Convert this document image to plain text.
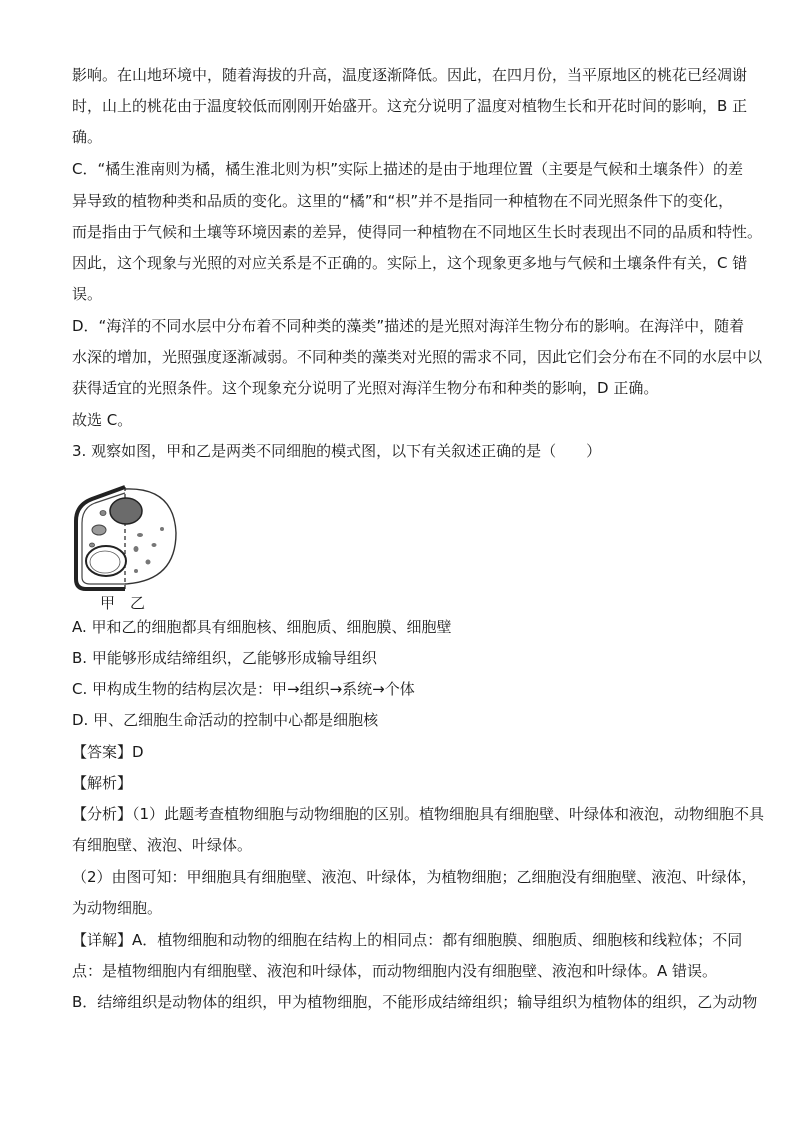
影响。在山地环境中，随着海拔的升高，温度逐渐降低。因此，在四月份，当平原地区的桃花已经凋谢
时，山上的桃花由于温度较低而刚刚开始盛开。这充分说明了温度对植物生长和开花时间的影响，B 正
确。
C．“橘生淮南则为橘，橘生淮北则为枳”实际上描述的是由于地理位置（主要是气候和土壤条件）的差
异导致的植物种类和品质的变化。这里的“橘”和“枳”并不是指同一种植物在不同光照条件下的变化，
而是指由于气候和土壤等环境因素的差异，使得同一种植物在不同地区生长时表现出不同的品质和特性。
因此，这个现象与光照的对应关系是不正确的。实际上，这个现象更多地与气候和土壤条件有关，C 错
误。
D．“海洋的不同水层中分布着不同种类的藻类”描述的是光照对海洋生物分布的影响。在海洋中，随着
水深的增加，光照强度逐渐减弱。不同种类的藻类对光照的需求不同，因此它们会分布在不同的水层中以
获得适宜的光照条件。这个现象充分说明了光照对海洋生物分布和种类的影响，D 正确。
故选 C。
3. 观察如图，甲和乙是两类不同细胞的模式图，以下有关叙述正确的是（　　）
甲 乙
A. 甲和乙的细胞都具有细胞核、细胞质、细胞膜、细胞壁
B. 甲能够形成结缔组织，乙能够形成输导组织
C. 甲构成生物的结构层次是：甲→组织→系统→个体
D. 甲、乙细胞生命活动的控制中心都是细胞核
【答案】D
【解析】
【分析】（1）此题考查植物细胞与动物细胞的区别。植物细胞具有细胞壁、叶绿体和液泡，动物细胞不具
有细胞壁、液泡、叶绿体。
（2）由图可知：甲细胞具有细胞壁、液泡、叶绿体，为植物细胞；乙细胞没有细胞壁、液泡、叶绿体，
为动物细胞。
【详解】A．植物细胞和动物的细胞在结构上的相同点：都有细胞膜、细胞质、细胞核和线粒体；不同
点：是植物细胞内有细胞壁、液泡和叶绿体，而动物细胞内没有细胞壁、液泡和叶绿体。A 错误。
B．结缔组织是动物体的组织，甲为植物细胞，不能形成结缔组织；输导组织为植物体的组织，乙为动物
